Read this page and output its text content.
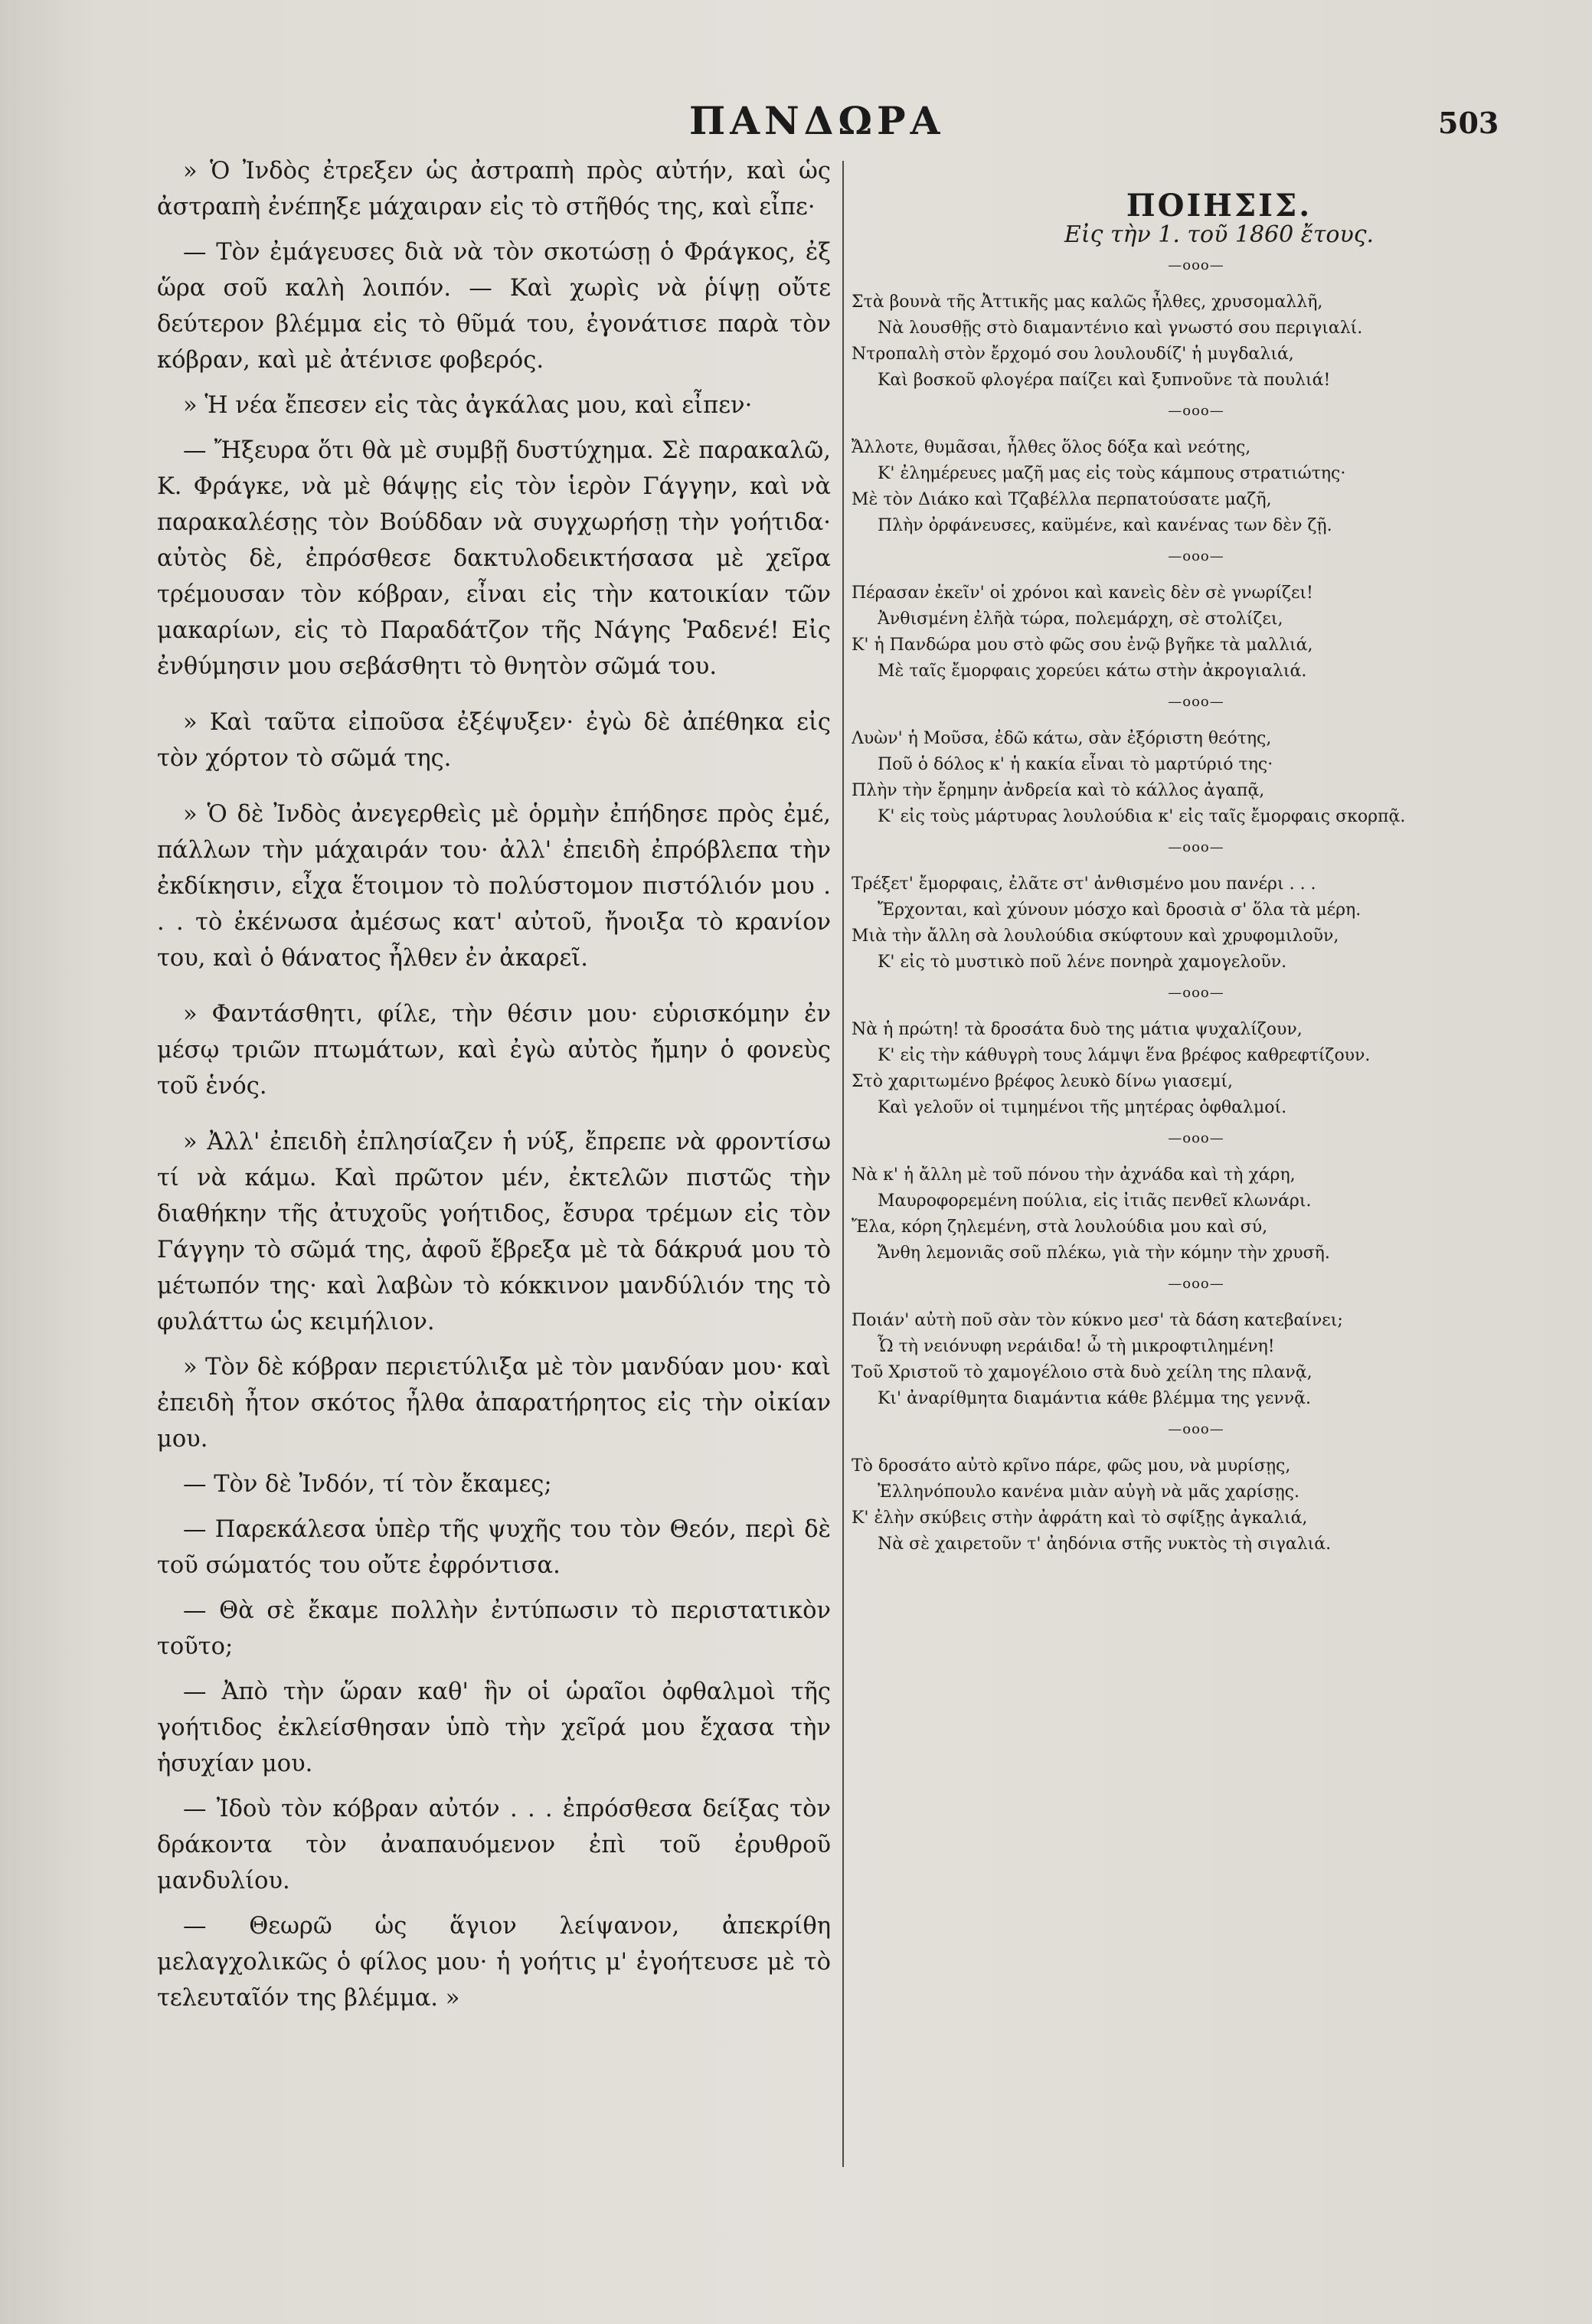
ΠΑΝΔΩΡΑ	503

» Ὁ Ἰνδὸς ἐτρεξεν ὡς ἀστραπὴ πρὸς αὐτήν, καὶ ὡς ἀστραπὴ ἐνέπηξε μάχαιραν εἰς τὸ στῆθός της, καὶ εἶπε·

— Τὸν ἐμάγευσες διὰ νὰ τὸν σκοτώσῃ ὁ Φράγκος, ἐξ ὥρα σοῦ καλὴ λοιπόν. — Καὶ χωρὶς νὰ ῥίψῃ οὔτε δεύτερον βλέμμα εἰς τὸ θῦμά του, ἐγονάτισε παρὰ τὸν κόβραν, καὶ μὲ ἀτένισε φοβερός.

» Ἡ νέα ἔπεσεν εἰς τὰς ἀγκάλας μου, καὶ εἶπεν·

— Ἤξευρα ὅτι θὰ μὲ συμβῇ δυστύχημα. Σὲ παρακαλῶ, Κ. Φράγκε, νὰ μὲ θάψῃς εἰς τὸν ἱερὸν Γάγγην, καὶ νὰ παρακαλέσῃς τὸν Βούδδαν νὰ συγχωρήσῃ τὴν γοήτιδα· αὐτὸς δὲ, ἐπρόσθεσε δακτυλοδεικτήσασα μὲ χεῖρα τρέμουσαν τὸν κόβραν, εἶναι εἰς τὴν κατοικίαν τῶν μακαρίων, εἰς τὸ Παραδάτζον τῆς Νάγης Ῥαδενέ! Εἰς ἐνθύμησιν μου σεβάσθητι τὸ θνητὸν σῶμά του.

» Καὶ ταῦτα εἰποῦσα ἐξέψυξεν· ἐγὼ δὲ ἀπέθηκα εἰς τὸν χόρτον τὸ σῶμά της.

» Ὁ δὲ Ἰνδὸς ἀνεγερθεὶς μὲ ὁρμὴν ἐπήδησε πρὸς ἐμέ, πάλλων τὴν μάχαιράν του· ἀλλ' ἐπειδὴ ἐπρόβλεπα τὴν ἐκδίκησιν, εἶχα ἕτοιμον τὸ πολύστομον πιστόλιόν μου . . . τὸ ἐκένωσα ἀμέσως κατ' αὐτοῦ, ἤνοιξα τὸ κρανίον του, καὶ ὁ θάνατος ἦλθεν ἐν ἀκαρεῖ.

» Φαντάσθητι, φίλε, τὴν θέσιν μου· εὑρισκόμην ἐν μέσῳ τριῶν πτωμάτων, καὶ ἐγὼ αὐτὸς ἤμην ὁ φονεὺς τοῦ ἑνός.

» Ἀλλ' ἐπειδὴ ἐπλησίαζεν ἡ νύξ, ἔπρεπε νὰ φροντίσω τί νὰ κάμω. Καὶ πρῶτον μέν, ἐκτελῶν πιστῶς τὴν διαθήκην τῆς ἀτυχοῦς γοήτιδος, ἔσυρα τρέμων εἰς τὸν Γάγγην τὸ σῶμά της, ἀφοῦ ἔβρεξα μὲ τὰ δάκρυά μου τὸ μέτωπόν της· καὶ λαβὼν τὸ κόκκινον μανδύλιόν της τὸ φυλάττω ὡς κειμήλιον.

» Τὸν δὲ κόβραν περιετύλιξα μὲ τὸν μανδύαν μου· καὶ ἐπειδὴ ἦτον σκότος ἦλθα ἀπαρατήρητος εἰς τὴν οἰκίαν μου.

— Τὸν δὲ Ἰνδόν, τί τὸν ἔκαμες;

— Παρεκάλεσα ὑπὲρ τῆς ψυχῆς του τὸν Θεόν, περὶ δὲ τοῦ σώματός του οὔτε ἐφρόντισα.

— Θὰ σὲ ἔκαμε πολλὴν ἐντύπωσιν τὸ περιστατικὸν τοῦτο;

— Ἀπὸ τὴν ὥραν καθ' ἣν οἱ ὡραῖοι ὀφθαλμοὶ τῆς γοήτιδος ἐκλείσθησαν ὑπὸ τὴν χεῖρά μου ἔχασα τὴν ἡσυχίαν μου.

— Ἰδοὺ τὸν κόβραν αὐτόν . . . ἐπρόσθεσα δείξας τὸν δράκοντα τὸν ἀναπαυόμενον ἐπὶ τοῦ ἐρυθροῦ μανδυλίου.

— Θεωρῶ ὡς ἅγιον λείψανον, ἀπεκρίθη μελαγχολικῶς ὁ φίλος μου· ἡ γοήτις μ' ἐγοήτευσε μὲ τὸ τελευταῖόν της βλέμμα. »

ΠΟΙΗΣΙΣ.
Εἰς τὴν 1. τοῦ 1860 ἔτους.
—ooo—
Στὰ βουνὰ τῆς Ἀττικῆς μας καλῶς ἦλθες, χρυσομαλλῆ,
Νὰ λουσθῇς στὸ διαμαντένιο καὶ γνωστό σου περιγιαλί.
Ντροπαλὴ στὸν ἔρχομό σου λουλουδίζ' ἡ μυγδαλιά,
Καὶ βοσκοῦ φλογέρα παίζει καὶ ξυπνοῦνε τὰ πουλιά!
—ooo—
Ἄλλοτε, θυμᾶσαι, ἦλθες ὅλος δόξα καὶ νεότης,
Κ' ἐλημέρευες μαζῆ μας εἰς τοὺς κάμπους στρατιώτης·
Μὲ τὸν Διάκο καὶ Τζαβέλλα περπατούσατε μαζῆ,
Πλὴν ὀρφάνευσες, καϋμένε, καὶ κανένας των δὲν ζῇ.
—ooo—
Πέρασαν ἐκεῖν' οἱ χρόνοι καὶ κανεὶς δὲν σὲ γνωρίζει!
Ἀνθισμένη ἐλῆὰ τώρα, πολεμάρχη, σὲ στολίζει,
Κ' ἡ Πανδώρα μου στὸ φῶς σου ἐνῷ βγῆκε τὰ μαλλιά,
Μὲ ταῖς ἔμορφαις χορεύει κάτω στὴν ἀκρογιαλιά.
—ooo—
Λυὼν' ἡ Μοῦσα, ἐδῶ κάτω, σὰν ἐξόριστη θεότης,
Ποῦ ὁ δόλος κ' ἡ κακία εἶναι τὸ μαρτύριό της·
Πλὴν τὴν ἔρημην ἀνδρεία καὶ τὸ κάλλος ἀγαπᾷ,
Κ' εἰς τοὺς μάρτυρας λουλούδια κ' εἰς ταῖς ἔμορφαις σκορπᾷ.
—ooo—
Τρέξετ' ἔμορφαις, ἐλᾶτε στ' ἀνθισμένο μου πανέρι . . .
Ἔρχονται, καὶ χύνουν μόσχο καὶ δροσιὰ σ' ὅλα τὰ μέρη.
Μιὰ τὴν ἄλλη σὰ λουλούδια σκύφτουν καὶ χρυφομιλοῦν,
Κ' εἰς τὸ μυστικὸ ποῦ λένε πονηρὰ χαμογελοῦν.
—ooo—
Νὰ ἡ πρώτη! τὰ δροσάτα δυὸ της μάτια ψυχαλίζουν,
Κ' εἰς τὴν κάθυγρὴ τους λάμψι ἕνα βρέφος καθρεφτίζουν.
Στὸ χαριτωμένο βρέφος λευκὸ δίνω γιασεμί,
Καὶ γελοῦν οἱ τιμημένοι τῆς μητέρας ὀφθαλμοί.
—ooo—
Νὰ κ' ἡ ἄλλη μὲ τοῦ πόνου τὴν ἀχνάδα καὶ τὴ χάρη,
Μαυροφορεμένη πούλια, εἰς ἰτιᾶς πενθεῖ κλωνάρι.
Ἔλα, κόρη ζηλεμένη, στὰ λουλούδια μου καὶ σύ,
Ἄνθη λεμονιᾶς σοῦ πλέκω, γιὰ τὴν κόμην τὴν χρυσῆ.
—ooo—
Ποιάν' αὐτὴ ποῦ σὰν τὸν κύκνο μεσ' τὰ δάση κατεβαίνει;
Ὦ τὴ νειόνυφη νεράιδα! ὦ τὴ μικροφτιλημένη!
Τοῦ Χριστοῦ τὸ χαμογέλοιο στὰ δυὸ χείλη της πλανᾷ,
Κι' ἀναρίθμητα διαμάντια κάθε βλέμμα της γεννᾷ.
—ooo—
Τὸ δροσάτο αὐτὸ κρῖνο πάρε, φῶς μου, νὰ μυρίσῃς,
Ἐλληνόπουλο κανένα μιὰν αὐγὴ νὰ μᾶς χαρίσῃς.
Κ' ἐλὴν σκύβεις στὴν ἀφράτη καὶ τὸ σφίξῃς ἀγκαλιά,
Νὰ σὲ χαιρετοῦν τ' ἀηδόνια στῆς νυκτὸς τὴ σιγαλιά.
